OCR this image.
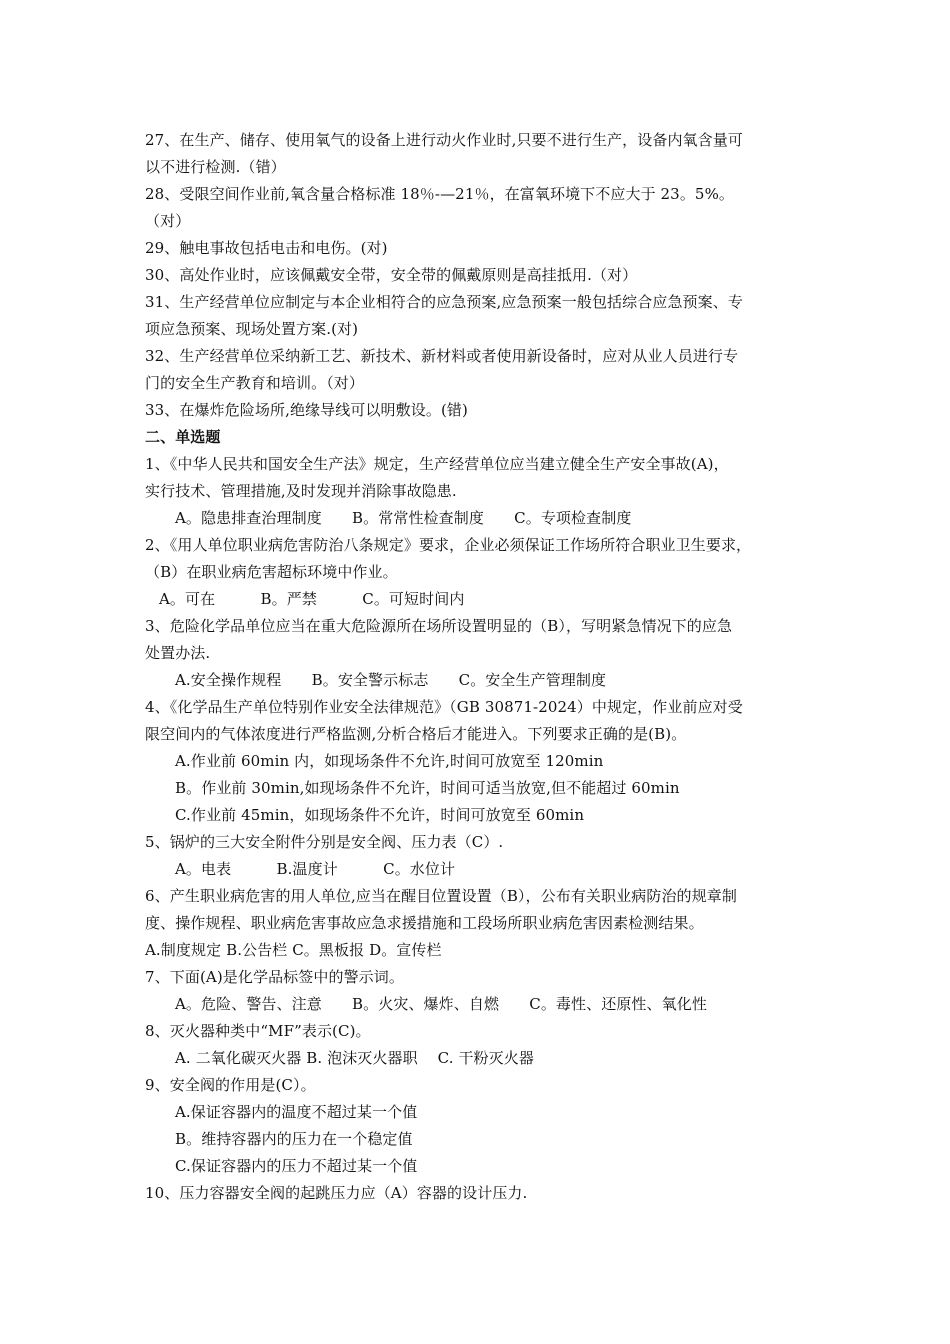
27、在生产、储存、使用氧气的设备上进行动火作业时,只要不进行生产，设备内氧含量可
以不进行检测.（错）
28、受限空间作业前,氧含量合格标准 18％-—21％，在富氧环境下不应大于 23。5%。
（对）
29、触电事故包括电击和电伤。(对)
30、高处作业时，应该佩戴安全带，安全带的佩戴原则是高挂抵用.（对）
31、生产经营单位应制定与本企业相符合的应急预案,应急预案一般包括综合应急预案、专
项应急预案、现场处置方案.(对)
32、生产经营单位采纳新工艺、新技术、新材料或者使用新设备时，应对从业人员进行专
门的安全生产教育和培训。（对）
33、在爆炸危险场所,绝缘导线可以明敷设。(错)
二、单选题
1、《中华人民共和国安全生产法》规定，生产经营单位应当建立健全生产安全事故(A)，
实行技术、管理措施,及时发现并消除事故隐患.
A。隐患排查治理制度　　B。常常性检查制度　　C。专项检查制度
2、《用人单位职业病危害防治八条规定》要求，企业必须保证工作场所符合职业卫生要求，
（B）在职业病危害超标环境中作业。
A。可在　　　B。严禁　　　C。可短时间内
3、危险化学品单位应当在重大危险源所在场所设置明显的（B），写明紧急情况下的应急
处置办法.
A.安全操作规程　　B。安全警示标志　　C。安全生产管理制度
4、《化学品生产单位特别作业安全法律规范》（GB 30871-2024）中规定，作业前应对受
限空间内的气体浓度进行严格监测,分析合格后才能进入。下列要求正确的是(B)。
A.作业前 60min 内，如现场条件不允许,时间可放宽至 120min
B。作业前 30min,如现场条件不允许，时间可适当放宽,但不能超过 60min
C.作业前 45min，如现场条件不允许，时间可放宽至 60min
5、锅炉的三大安全附件分别是安全阀、压力表（C）.
A。电表　　　B.温度计　　　C。水位计
6、产生职业病危害的用人单位,应当在醒目位置设置（B），公布有关职业病防治的规章制
度、操作规程、职业病危害事故应急求援措施和工段场所职业病危害因素检测结果。
A.制度规定 B.公告栏 C。黑板报 D。宣传栏
7、下面(A)是化学品标签中的警示词。
A。危险、警告、注意　　B。火灾、爆炸、自燃　　C。毒性、还原性、氧化性
8、灭火器种类中“MF”表示(C)。
A. 二氧化碳灭火器 B. 泡沫灭火器职　 C. 干粉灭火器
9、安全阀的作用是(C）。
A.保证容器内的温度不超过某一个值
B。维持容器内的压力在一个稳定值
C.保证容器内的压力不超过某一个值
10、压力容器安全阀的起跳压力应（A）容器的设计压力.
